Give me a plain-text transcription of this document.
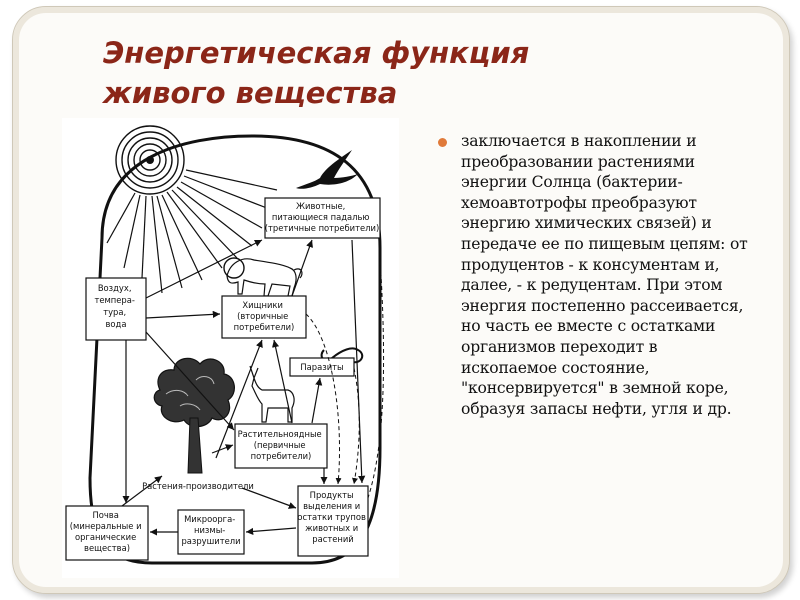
Энергетическая функция
живого вещества
Животные, питающиеся падалью (третичные потребители)
Воздух, темпера- тура, вода
Хищники (вторичные потребители)
Паразиты
Растительноядные (первичные потребители)
Растения-производители
Почва (минеральные и органические вещества)
Микроорга- низмы- разрушители
Продукты выделения и остатки трупов животных и растений
заключается в накоплении и преобразовании растениями энергии Солнца (бактерии-хемоавтотрофы преобразуют энергию химических связей) и передаче ее по пищевым цепям: от продуцентов - к консументам и, далее, - к редуцентам. При этом энергия постепенно рассеивается, но часть ее вместе с остатками организмов переходит в ископаемое состояние, "консервируется" в земной коре, образуя запасы нефти, угля и др.
